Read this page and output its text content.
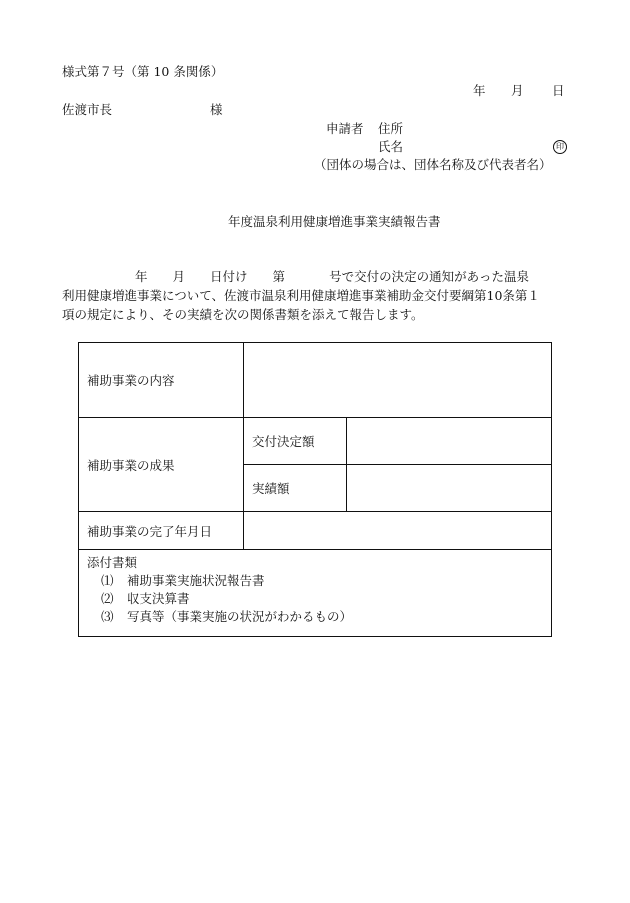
様式第７号（第 10 条関係）
年 月 日
佐渡市長	様
申請者 住所
氏名	印
（団体の場合は、団体名称及び代表者名）
年度温泉利用健康増進事業実績報告書
年 月 日付け 第	号で交付の決定の通知があった温泉
利用健康増進事業について、佐渡市温泉利用健康増進事業補助金交付要綱第10条第１
項の規定により、その実績を次の関係書類を添えて報告します。
補助事業の内容		
補助事業の成果	交付決定額	
	実績額	
補助事業の完了年月日		
添付書類
⑴ 補助事業実施状況報告書
⑵ 収支決算書
⑶ 写真等（事業実施の状況がわかるもの）		
